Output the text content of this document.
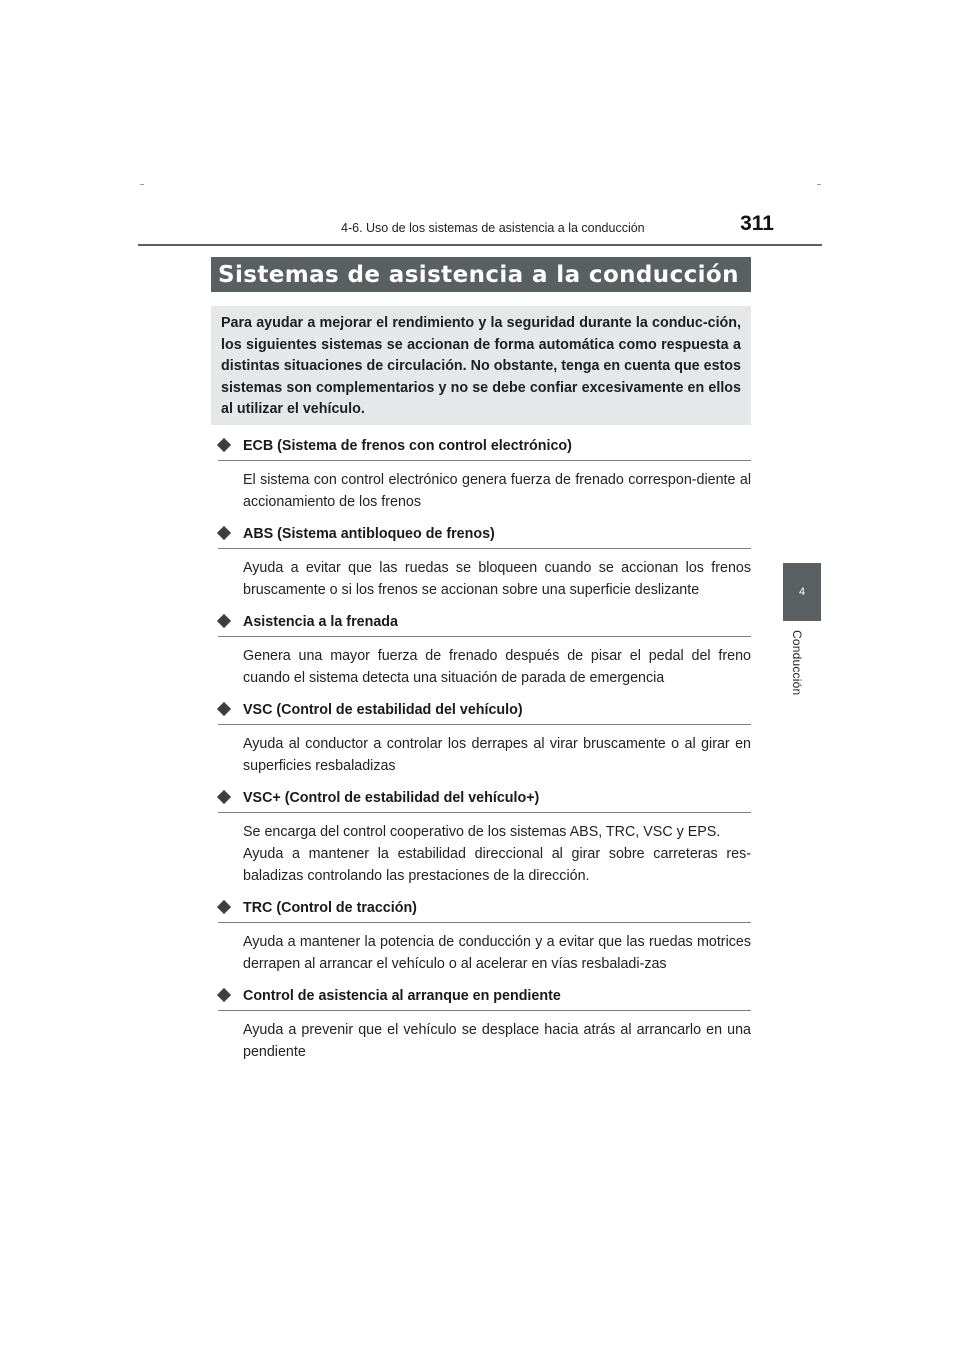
4-6. Uso de los sistemas de asistencia a la conducción	311
4
Conducción
Sistemas de asistencia a la conducción

Para ayudar a mejorar el rendimiento y la seguridad durante la conduc-ción, los siguientes sistemas se accionan de forma automática como respuesta a distintas situaciones de circulación. No obstante, tenga en cuenta que estos sistemas son complementarios y no se debe confiar excesivamente en ellos al utilizar el vehículo.

ECB (Sistema de frenos con control electrónico)

El sistema con control electrónico genera fuerza de frenado correspon-diente al accionamiento de los frenos

ABS (Sistema antibloqueo de frenos)

Ayuda a evitar que las ruedas se bloqueen cuando se accionan los frenos bruscamente o si los frenos se accionan sobre una superficie deslizante

Asistencia a la frenada

Genera una mayor fuerza de frenado después de pisar el pedal del freno cuando el sistema detecta una situación de parada de emergencia

VSC (Control de estabilidad del vehículo)

Ayuda al conductor a controlar los derrapes al virar bruscamente o al girar en superficies resbaladizas

VSC+ (Control de estabilidad del vehículo+)

Se encarga del control cooperativo de los sistemas ABS, TRC, VSC y EPS.

Ayuda a mantener la estabilidad direccional al girar sobre carreteras res-baladizas controlando las prestaciones de la dirección.

TRC (Control de tracción)

Ayuda a mantener la potencia de conducción y a evitar que las ruedas motrices derrapen al arrancar el vehículo o al acelerar en vías resbaladi-zas

Control de asistencia al arranque en pendiente

Ayuda a prevenir que el vehículo se desplace hacia atrás al arrancarlo en una pendiente
